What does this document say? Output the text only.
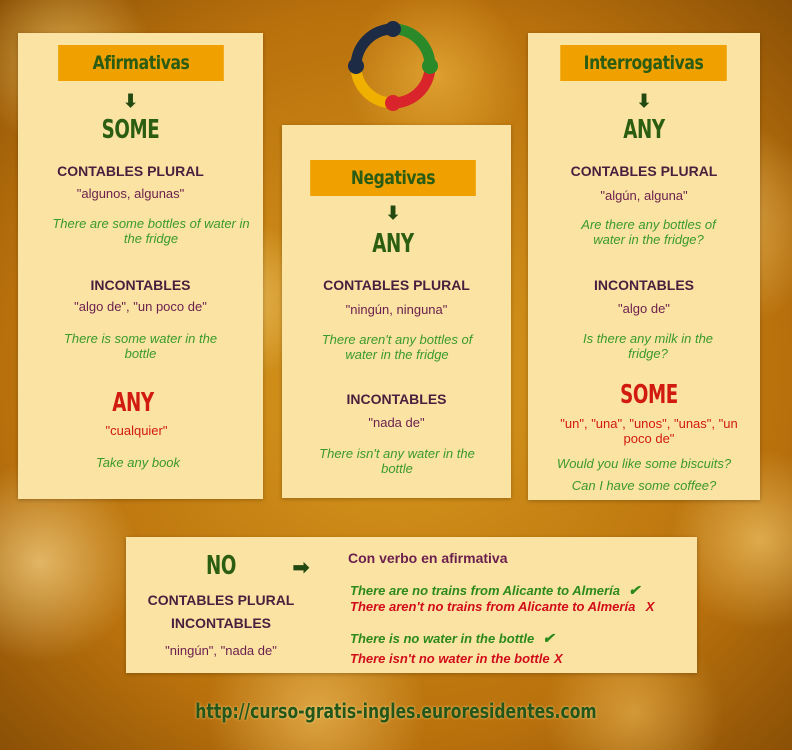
Afirmativas
⬇
SOME
CONTABLES PLURAL
"algunos, algunas"
There are some bottles of water in the fridge
INCONTABLES
"algo de", "un poco de"
There is some water in the bottle
ANY
"cualquier"
Take any book
Negativas
⬇
ANY
CONTABLES PLURAL
"ningún, ninguna"
There aren't any bottles of water in the fridge
INCONTABLES
"nada de"
There isn't any water in the bottle
Interrogativas
⬇
ANY
CONTABLES PLURAL
"algún, alguna"
Are there any bottles of water in the fridge?
INCONTABLES
"algo de"
Is there any milk in the fridge?
SOME
"un", "una", "unos", "unas", "un poco de"
Would you like some biscuits?
Can I have some coffee?
NO	➡
CONTABLES PLURAL
INCONTABLES
"ningún", "nada de"
Con verbo en afirmativa
There are no trains from Alicante to Almería ✔
There aren't no trains from Alicante to Almería X
There is no water in the bottle ✔
There isn't no water in the bottle X
http://curso-gratis-ingles.euroresidentes.com
